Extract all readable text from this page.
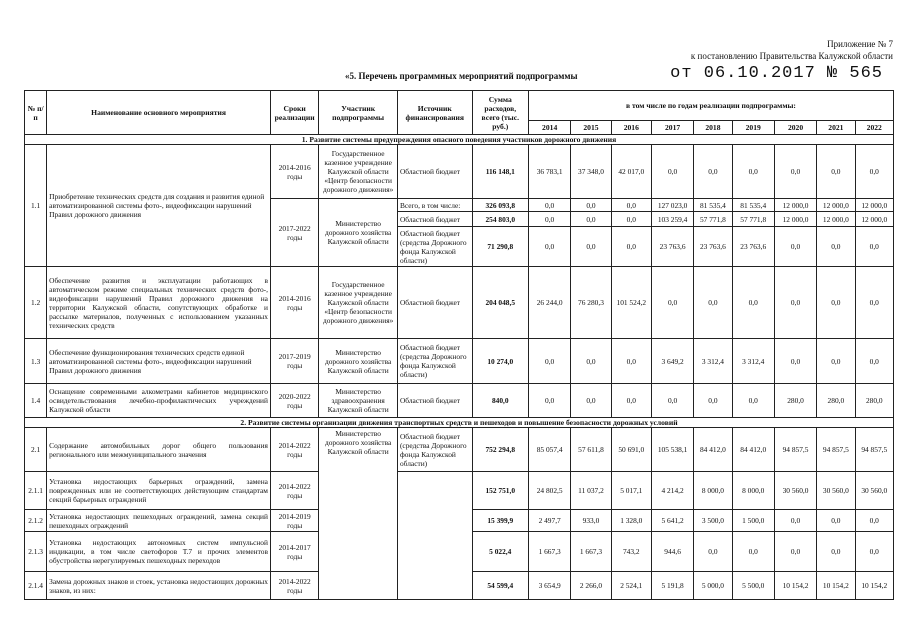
Приложение № 7
к постановлению Правительства Калужской области
от 06.10.2017 № 565
«5. Перечень программных мероприятий подпрограммы
№ п/п	Наименование основного мероприятия	Сроки реализации	Участник подпрограммы	Источник финансирования	Сумма расходов, всего (тыс. руб.)	в том числе по годам реализации подпрограммы:								
						2014	2015	2016	2017	2018	2019	2020	2021	2022
1. Развитие системы предупреждения опасного поведения участников дорожного движения														
1.1	Приобретение технических средств для создания и развития единой автоматизированной системы фото-, видеофиксации нарушений Правил дорожного движения	2014-2016 годы	Государственное казенное учреждение Калужской области «Центр безопасности дорожного движения»	Областной бюджет	116 148,1	36 783,1	37 348,0	42 017,0	0,0	0,0	0,0	0,0	0,0	0,0
		2017-2022 годы	Министерство дорожного хозяйства Калужской области	Всего, в том числе:	326 093,8	0,0	0,0	0,0	127 023,0	81 535,4	81 535,4	12 000,0	12 000,0	12 000,0
				Областной бюджет	254 803,0	0,0	0,0	0,0	103 259,4	57 771,8	57 771,8	12 000,0	12 000,0	12 000,0
				Областной бюджет (средства Дорожного фонда Калужской области)	71 290,8	0,0	0,0	0,0	23 763,6	23 763,6	23 763,6	0,0	0,0	0,0
1.2	Обеспечение развития и эксплуатации работающих в автоматическом режиме специальных технических средств фото-, видеофиксации нарушений Правил дорожного движения на территории Калужской области, сопутствующих обработке и рассылке материалов, полученных с использованием указанных технических средств	2014-2016 годы	Государственное казенное учреждение Калужской области «Центр безопасности дорожного движения»	Областной бюджет	204 048,5	26 244,0	76 280,3	101 524,2	0,0	0,0	0,0	0,0	0,0	0,0
1.3	Обеспечение функционирования технических средств единой автоматизированной системы фото-, видеофиксации нарушений Правил дорожного движения	2017-2019 годы	Министерство дорожного хозяйства Калужской области	Областной бюджет (средства Дорожного фонда Калужской области)	10 274,0	0,0	0,0	0,0	3 649,2	3 312,4	3 312,4	0,0	0,0	0,0
1.4	Оснащение современными алкометрами кабинетов медицинского освидетельствования лечебно-профилактических учреждений Калужской области	2020-2022 годы	Министерство здравоохранения Калужской области	Областной бюджет	840,0	0,0	0,0	0,0	0,0	0,0	0,0	280,0	280,0	280,0
2. Развитие системы организации движения транспортных средств и пешеходов и повышение безопасности дорожных условий														
2.1	Содержание автомобильных дорог общего пользования регионального или межмуниципального значения	2014-2022 годы	Министерство дорожного хозяйства Калужской области	Областной бюджет (средства Дорожного фонда Калужской области)	752 294,8	85 057,4	57 611,8	50 691,0	105 538,1	84 412,0	84 412,0	94 857,5	94 857,5	94 857,5
2.1.1	Установка недостающих барьерных ограждений, замена поврежденных или не соответствующих действующим стандартам секций барьерных ограждений	2014-2022 годы			152 751,0	24 802,5	11 037,2	5 017,1	4 214,2	8 000,0	8 000,0	30 560,0	30 560,0	30 560,0
2.1.2	Установка недостающих пешеходных ограждений, замена секций пешеходных ограждений	2014-2019 годы			15 399,9	2 497,7	933,0	1 328,0	5 641,2	3 500,0	1 500,0	0,0	0,0	0,0
2.1.3	Установка недостающих автономных систем импульсной индикации, в том числе светофоров Т.7 и прочих элементов обустройства нерегулируемых пешеходных переходов	2014-2017 годы			5 022,4	1 667,3	1 667,3	743,2	944,6	0,0	0,0	0,0	0,0	0,0
2.1.4	Замена дорожных знаков и стоек, установка недостающих дорожных знаков, из них:	2014-2022 годы			54 599,4	3 654,9	2 266,0	2 524,1	5 191,8	5 000,0	5 500,0	10 154,2	10 154,2	10 154,2
